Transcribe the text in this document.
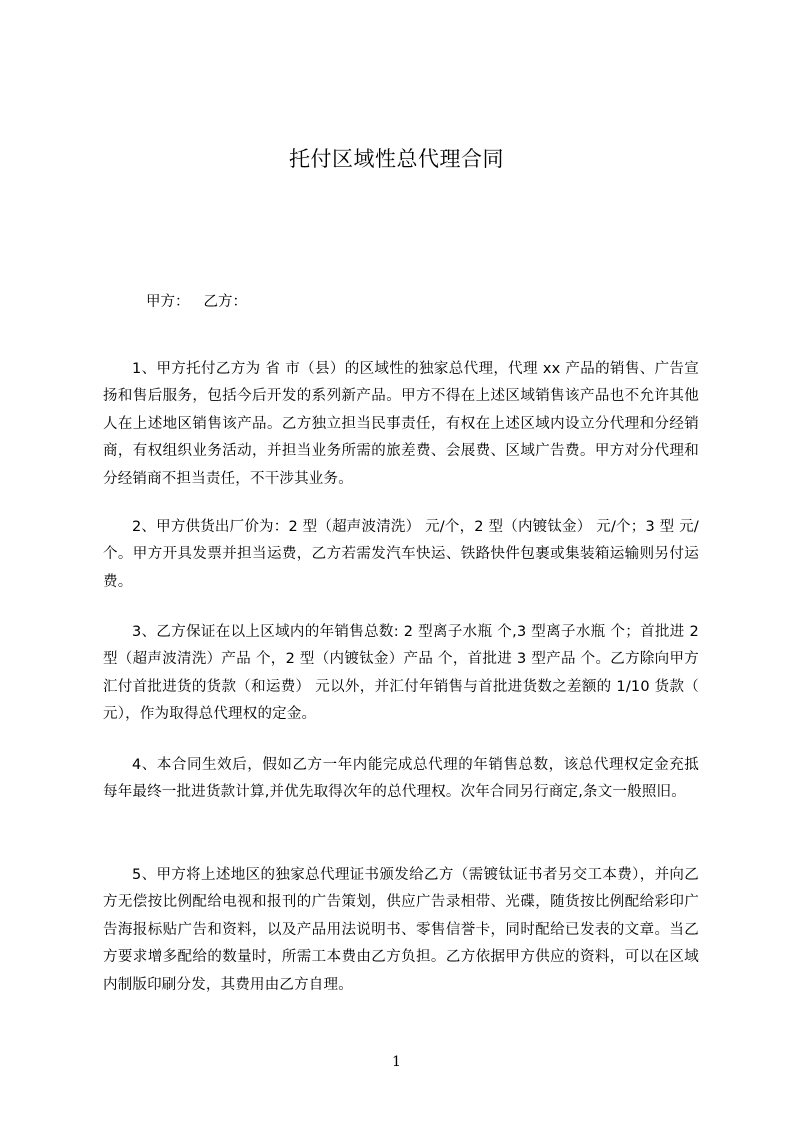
托付区域性总代理合同
甲方： 乙方：

1、甲方托付乙方为 省 市（县）的区域性的独家总代理，代理 xx 产品的销售、广告宣扬和售后服务，包括今后开发的系列新产品。甲方不得在上述区域销售该产品也不允许其他人在上述地区销售该产品。乙方独立担当民事责任，有权在上述区域内设立分代理和分经销商，有权组织业务活动，并担当业务所需的旅差费、会展费、区域广告费。甲方对分代理和分经销商不担当责任，不干涉其业务。

2、甲方供货出厂价为：2 型（超声波清洗） 元/个，2 型（内镀钛金） 元/个；3 型 元/个。甲方开具发票并担当运费，乙方若需发汽车快运、铁路快件包裹或集装箱运输则另付运费。

3、乙方保证在以上区域内的年销售总数: 2 型离子水瓶 个,3 型离子水瓶 个；首批进 2 型（超声波清洗）产品 个，2 型（内镀钛金）产品 个，首批进 3 型产品 个。乙方除向甲方汇付首批进货的货款（和运费） 元以外，并汇付年销售与首批进货数之差额的 1/10 货款（ 元），作为取得总代理权的定金。

4、本合同生效后，假如乙方一年内能完成总代理的年销售总数，该总代理权定金充抵每年最终一批进货款计算,并优先取得次年的总代理权。次年合同另行商定,条文一般照旧。

5、甲方将上述地区的独家总代理证书颁发给乙方（需镀钛证书者另交工本费），并向乙方无偿按比例配给电视和报刊的广告策划，供应广告录相带、光碟，随货按比例配给彩印广告海报标贴广告和资料，以及产品用法说明书、零售信誉卡，同时配给已发表的文章。当乙方要求增多配给的数量时，所需工本费由乙方负担。乙方依据甲方供应的资料，可以在区域内制版印刷分发，其费用由乙方自理。

1
